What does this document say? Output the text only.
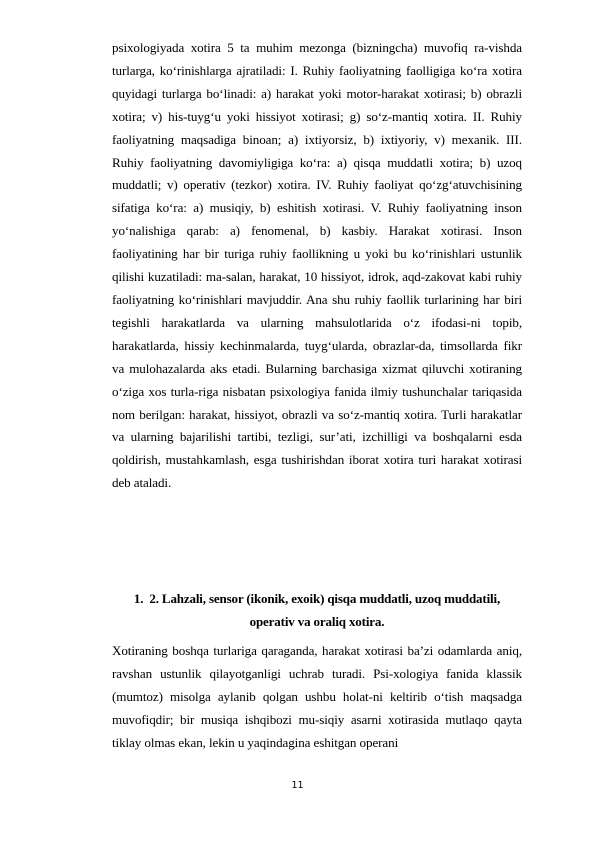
psixologiyada xotira 5 ta muhim mezonga (bizningcha) muvofiq ra-vishda turlarga, ko‘rinishlarga ajratiladi: I. Ruhiy faoliyatning faolligiga ko‘ra xotira quyidagi turlarga bo‘linadi: a) harakat yoki motor-harakat xotirasi; b) obrazli xotira; v) his-tuyg‘u yoki hissiyot xotirasi; g) so‘z-mantiq xotira. II. Ruhiy faoliyatning maqsadiga binoan; a) ixtiyorsiz, b) ixtiyoriy, v) mexanik. III. Ruhiy faoliyatning davomiyligiga ko‘ra: a) qisqa muddatli xotira; b) uzoq muddatli; v) operativ (tezkor) xotira. IV. Ruhiy faoliyat qo‘zg‘atuvchisining sifatiga ko‘ra: a) musiqiy, b) eshitish xotirasi. V. Ruhiy faoliyatning inson yo‘nalishiga qarab: a) fenomenal, b) kasbiy. Harakat xotirasi. Inson faoliyatining har bir turiga ruhiy faollikning u yoki bu ko‘rinishlari ustunlik qilishi kuzatiladi: ma-salan, harakat, 10 hissiyot, idrok, aqd-zakovat kabi ruhiy faoliyatning ko‘rinishlari mavjuddir. Ana shu ruhiy faollik turlarining har biri tegishli harakatlarda va ularning mahsulotlarida o‘z ifodasi-ni topib, harakatlarda, hissiy kechinmalarda, tuyg‘ularda, obrazlar-da, timsollarda fikr va mulohazalarda aks etadi. Bularning barchasiga xizmat qiluvchi xotiraning o‘ziga xos turla-riga nisbatan psixologiya fanida ilmiy tushunchalar tariqasida nom berilgan: harakat, hissiyot, obrazli va so‘z-mantiq xotira. Turli harakatlar va ularning bajarilishi tartibi, tezligi, sur’ati, izchilligi va boshqalarni esda qoldirish, mustahkamlash, esga tushirishdan iborat xotira turi harakat xotirasi deb ataladi.

1. 2. Lahzali, sensor (ikonik, exoik) qisqa muddatli, uzoq muddatili, operativ va oraliq xotira.

Xotiraning boshqa turlariga qaraganda, harakat xotirasi ba’zi odamlarda aniq, ravshan ustunlik qilayotganligi uchrab turadi. Psi-xologiya fanida klassik (mumtoz) misolga aylanib qolgan ushbu holat-ni keltirib o‘tish maqsadga muvofiqdir; bir musiqa ishqibozi mu-siqiy asarni xotirasida mutlaqo qayta tiklay olmas ekan, lekin u yaqindagina eshitgan operani

11
